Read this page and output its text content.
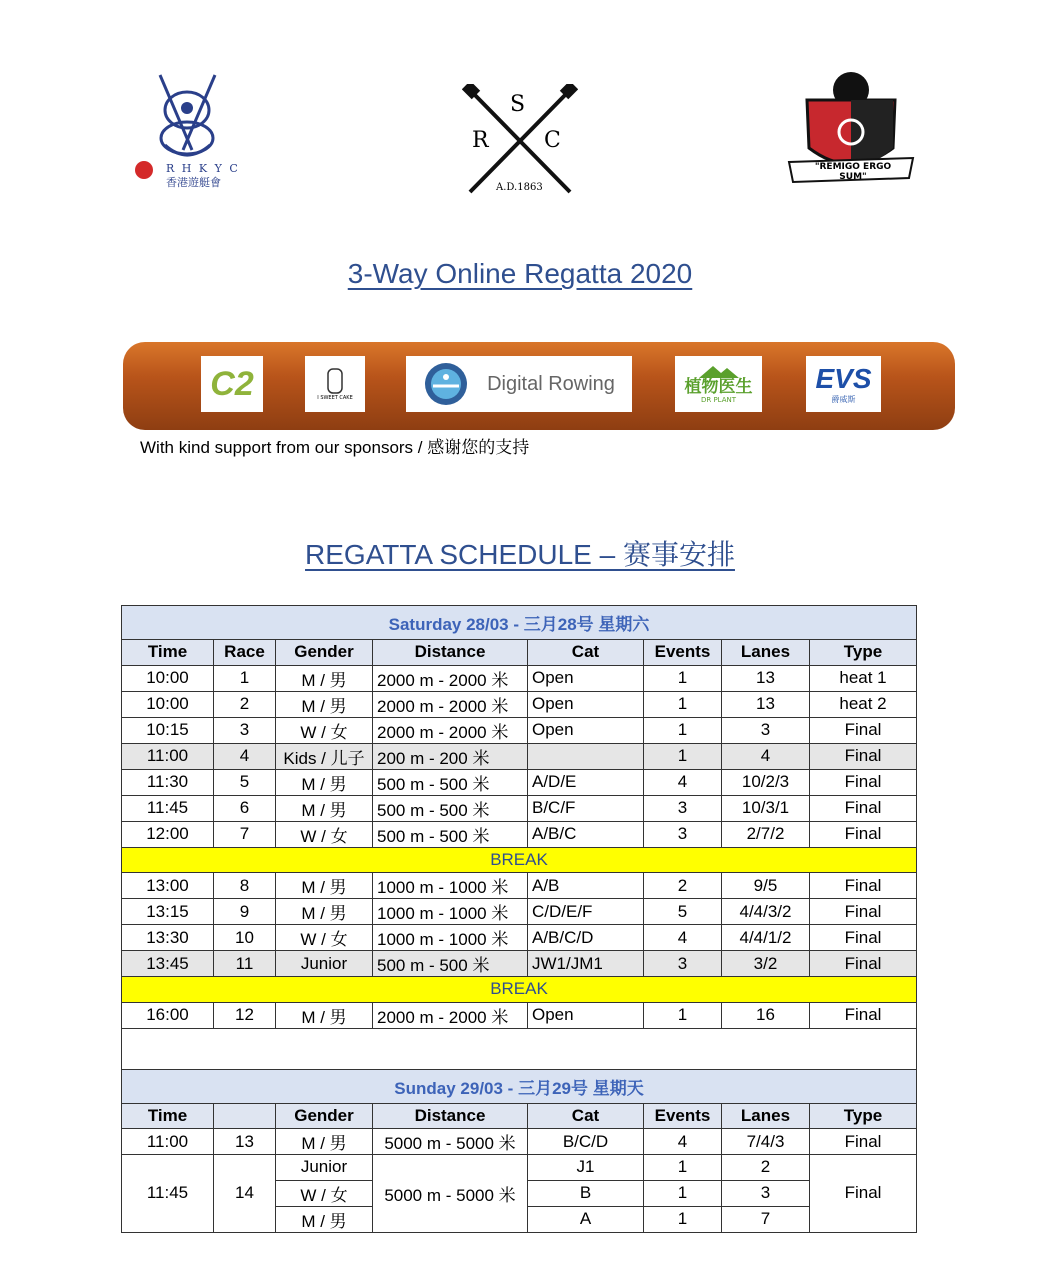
R H K Y C
香港遊艇會
S
R	C
A.D.1863
"REMIGO ERGO SUM"
3-Way Online Regatta 2020
C2	I SWEET CAKE
Digital Rowing	植物医生
DR PLANT
EVS
爵威斯
With kind support from our sponsors / 感谢您的支持
REGATTA SCHEDULE – 赛事安排
Saturday 28/03 - 三月28号 星期六							
Time	Race	Gender	Distance	Cat	Events	Lanes	Type
10:00	1	M / 男	2000 m - 2000 米	Open	1	13	heat 1
10:00	2	M / 男	2000 m - 2000 米	Open	1	13	heat 2
10:15	3	W / 女	2000 m - 2000 米	Open	1	3	Final
11:00	4	Kids / 儿子	200 m - 200 米		1	4	Final
11:30	5	M / 男	500 m - 500 米	A/D/E	4	10/2/3	Final
11:45	6	M / 男	500 m - 500 米	B/C/F	3	10/3/1	Final
12:00	7	W / 女	500 m - 500 米	A/B/C	3	2/7/2	Final
BREAK							
13:00	8	M / 男	1000 m - 1000 米	A/B	2	9/5	Final
13:15	9	M / 男	1000 m - 1000 米	C/D/E/F	5	4/4/3/2	Final
13:30	10	W / 女	1000 m - 1000 米	A/B/C/D	4	4/4/1/2	Final
13:45	11	Junior	500 m - 500 米	JW1/JM1	3	3/2	Final
BREAK							
16:00	12	M / 男	2000 m - 2000 米	Open	1	16	Final

Sunday 29/03 - 三月29号 星期天							
Time		Gender	Distance	Cat	Events	Lanes	Type
11:00	13	M / 男	5000 m - 5000 米	B/C/D	4	7/4/3	Final
11:45	14	Junior	5000 m - 5000 米	J1	1	2	Final
		W / 女		B	1	3	
		M / 男		A	1	7	
